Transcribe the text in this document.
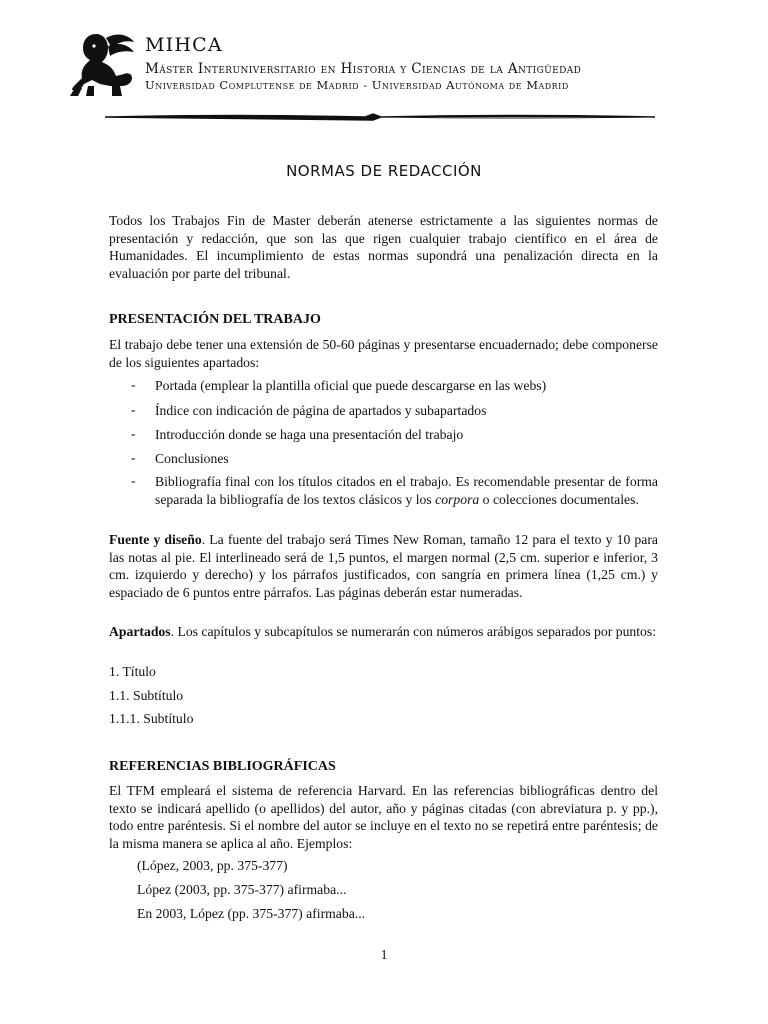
MIHCA
Máster Interuniversitario en Historia y Ciencias de la Antigüedad
Universidad Complutense de Madrid - Universidad Autónoma de Madrid
NORMAS DE REDACCIÓN
Todos los Trabajos Fin de Master deberán atenerse estrictamente a las siguientes normas de presentación y redacción, que son las que rigen cualquier trabajo científico en el área de Humanidades. El incumplimiento de estas normas supondrá una penalización directa en la evaluación por parte del tribunal.
PRESENTACIÓN DEL TRABAJO
El trabajo debe tener una extensión de 50-60 páginas y presentarse encuadernado; debe componerse de los siguientes apartados:
- Portada (emplear la plantilla oficial que puede descargarse en las webs)
- Índice con indicación de página de apartados y subapartados
- Introducción donde se haga una presentación del trabajo
- Conclusiones
- Bibliografía final con los títulos citados en el trabajo. Es recomendable presentar de forma separada la bibliografía de los textos clásicos y los corpora o colecciones documentales.
Fuente y diseño. La fuente del trabajo será Times New Roman, tamaño 12 para el texto y 10 para las notas al pie. El interlineado será de 1,5 puntos, el margen normal (2,5 cm. superior e inferior, 3 cm. izquierdo y derecho) y los párrafos justificados, con sangría en primera línea (1,25 cm.) y espaciado de 6 puntos entre párrafos. Las páginas deberán estar numeradas.
Apartados. Los capítulos y subcapítulos se numerarán con números arábigos separados por puntos:
1. Título
1.1. Subtítulo
1.1.1. Subtítulo
REFERENCIAS BIBLIOGRÁFICAS
El TFM empleará el sistema de referencia Harvard. En las referencias bibliográficas dentro del texto se indicará apellido (o apellidos) del autor, año y páginas citadas (con abreviatura p. y pp.), todo entre paréntesis. Si el nombre del autor se incluye en el texto no se repetirá entre paréntesis; de la misma manera se aplica al año. Ejemplos:
(López, 2003, pp. 375-377)
López (2003, pp. 375-377) afirmaba...
En 2003, López (pp. 375-377) afirmaba...
1
